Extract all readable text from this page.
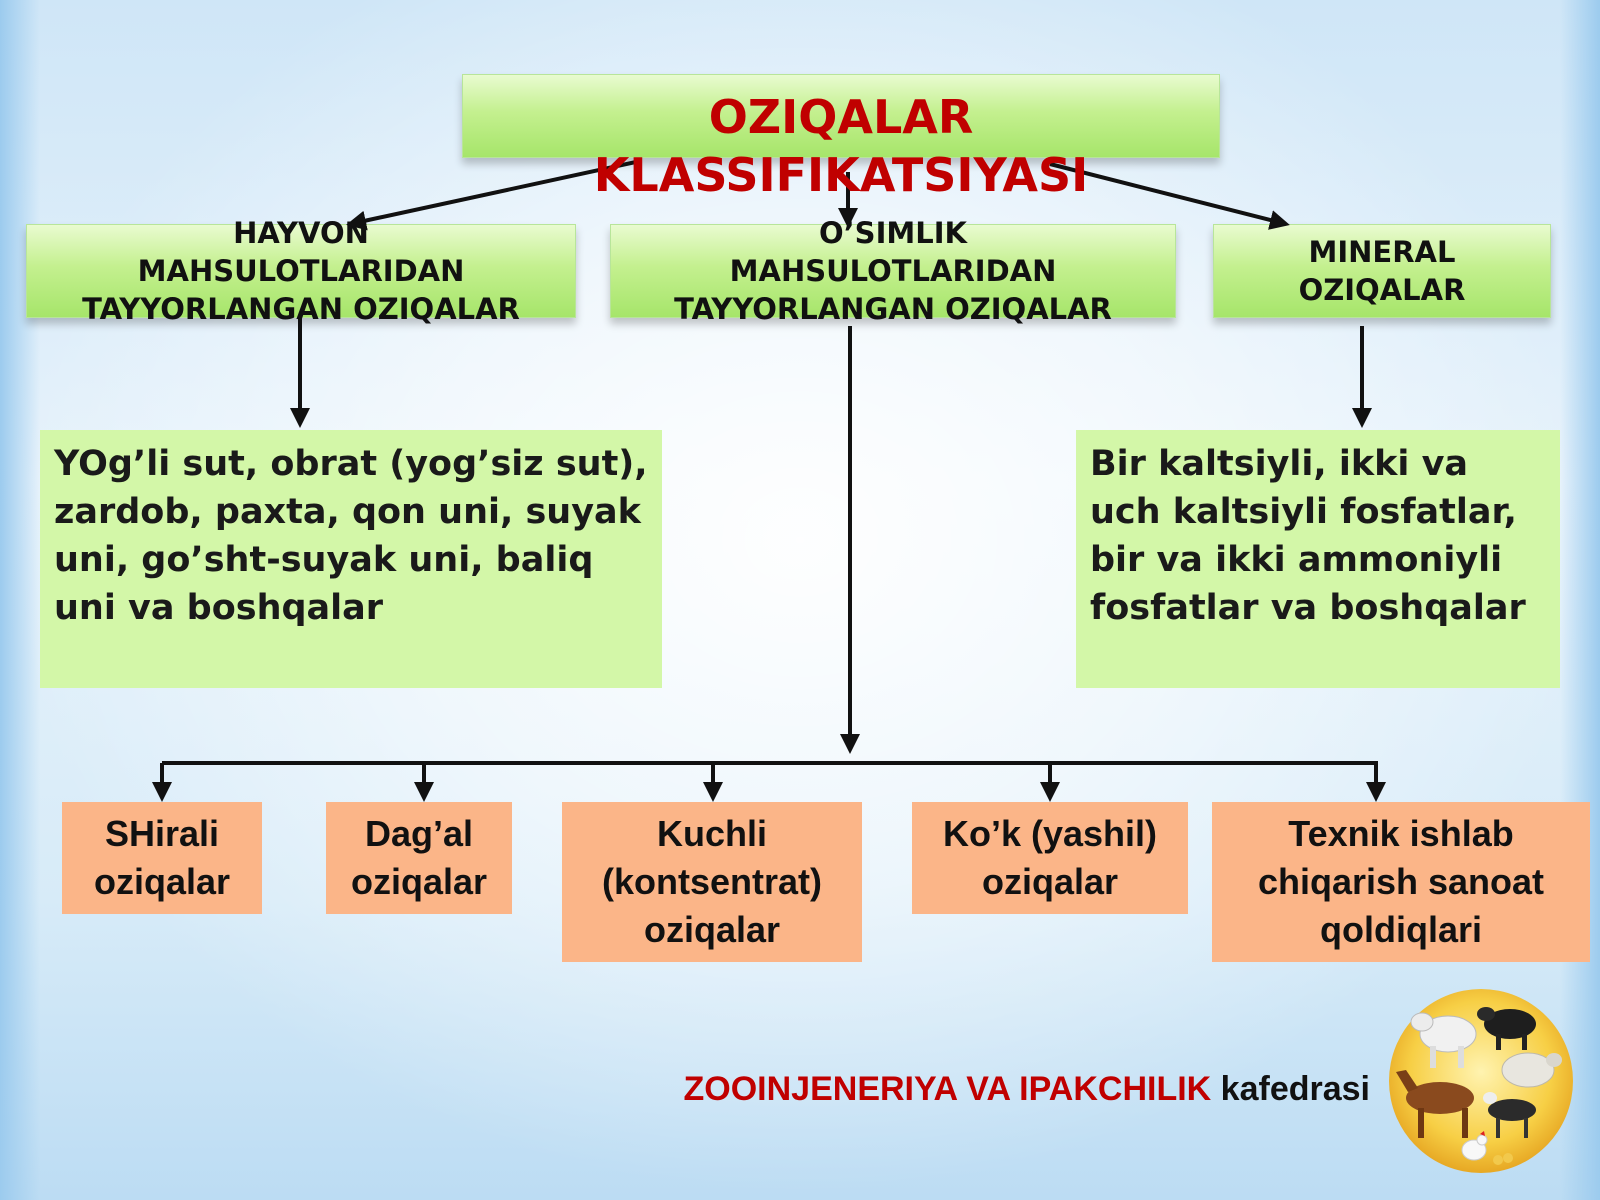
HAYVON MAHSULOTLARIDAN TAYYORLANGAN OZIQALAR
O’SIMLIK MAHSULOTLARIDAN TAYYORLANGAN OZIQALAR
MINERAL OZIQALAR
YOg’li sut, obrat (yog’siz sut), zardob, paxta, qon uni, suyak uni, go’sht-suyak uni, baliq uni va boshqalar
Bir kaltsiyli, ikki va uch kaltsiyli fosfatlar, bir va ikki ammoniyli fosfatlar va boshqalar
OZIQALAR KLASSIFIKATSIYASI
SHirali oziqalar
Dag’al oziqalar
Kuchli (kontsentrat) oziqalar
Ko’k (yashil) oziqalar
Texnik ishlab chiqarish sanoat qoldiqlari
ZOOINJENERIYA VA IPAKCHILIK kafedrasi
